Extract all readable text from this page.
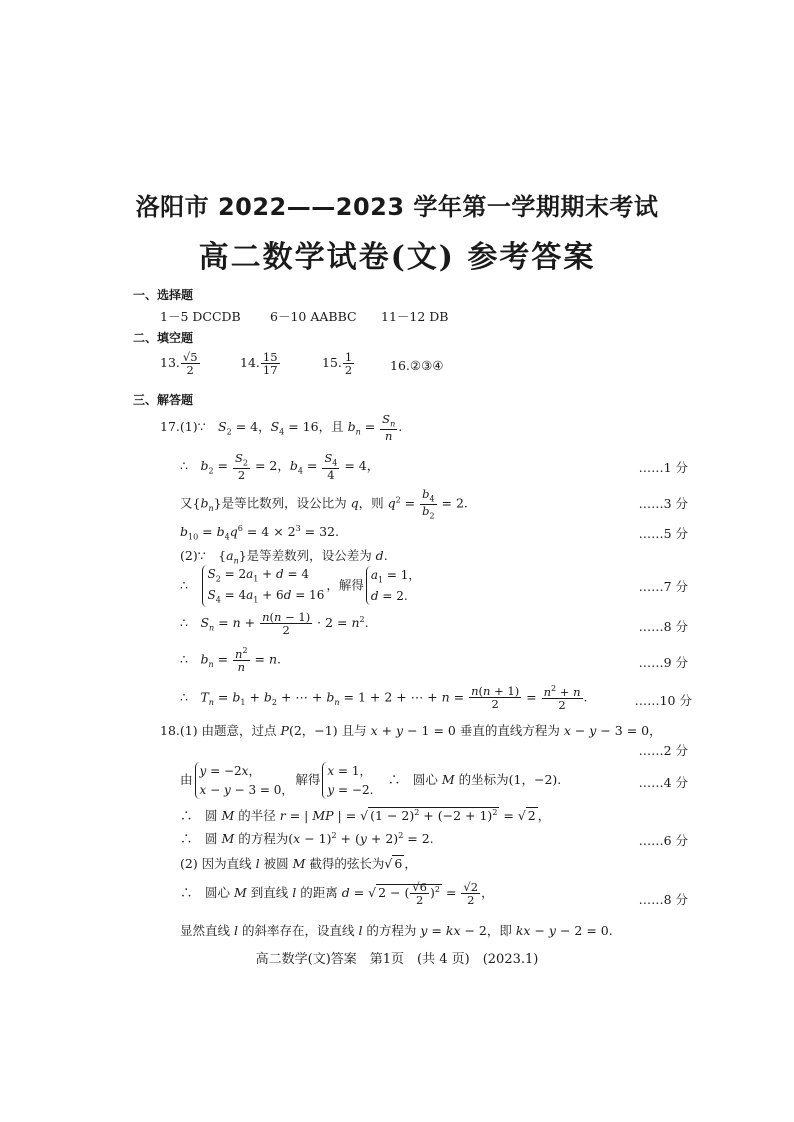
洛阳市 2022——2023 学年第一学期期末考试
高二数学试卷(文) 参考答案
一、选择题
1－5 DCCDB 6－10 AABBC 11－12 DB
二、填空题
13. $\frac{√5}{2}$	14. $\frac{15}{17}$	15. $\frac{1}{2}$	16.②③④
三、解答题
17.(1)∵　$S_2 = 4$，$S_4 = 16$，且 $b_n = \frac{S_n}{n}$ .
∴　$b_2 = \frac{S_2}{2} = 2$，$b_4 = \frac{S_4}{4} = 4$，	……1 分
又$\{b_n\}$是等比数列，设公比为 q，则 $q^2 = \frac{b_4}{b_2} = 2$.	……3 分
$b_{10} = b_4q^6 = 4 \times 2^3 = 32$.	……5 分
(2)∵　$\{a_n\}$是等差数列，设公差为 d.
∴　
$S_2 = 2a_1 + d = 4$
$S_4 = 4a_1 + 6d = 16$
，解得
$a_1 = 1$，
d = 2.
……7 分
∴　$S_n = n + \frac{n(n - 1)}{2} \cdot 2 = n^2$.	……8 分
∴　$b_n = \frac{n^2}{n} = n$.	……9 分
∴　$T_n = b_1 + b_2$ + ⋯ + $b_n = 1 + 2$ + ⋯ + $n = \frac{n(n + 1)}{2} = \frac{n^2 + n}{2}$ .	……10 分
18.(1) 由题意，过点 P(2，−1) 且与 x + y − 1 = 0 垂直的直线方程为 x − y − 3 = 0，
……2 分
由
y = −2x，
x − y − 3 = 0，
解得
x = 1，
y = −2.
　∴　圆心 M 的坐标为(1，−2).	……4 分
∴　圆 M 的半径 r = | MP | = √ $(1 - 2)^2 + (-2 + 1)^2$ = √ 2 ，
∴　圆 M 的方程为$(x - 1)^2 + (y + 2)^2 = 2$.	……6 分
(2) 因为直线 l 被圆 M 截得的弦长为√ 6 ，
∴　圆心 M 到直线 l 的距离 d = √ 2 − ( $\frac{√6}{2} )^2 = \frac{√2}{2}$ ，	……8 分
显然直线 l 的斜率存在，设直线 l 的方程为 y = kx − 2，即 kx − y − 2 = 0.
高二数学(文)答案　第1页　(共 4 页)　(2023.1)
